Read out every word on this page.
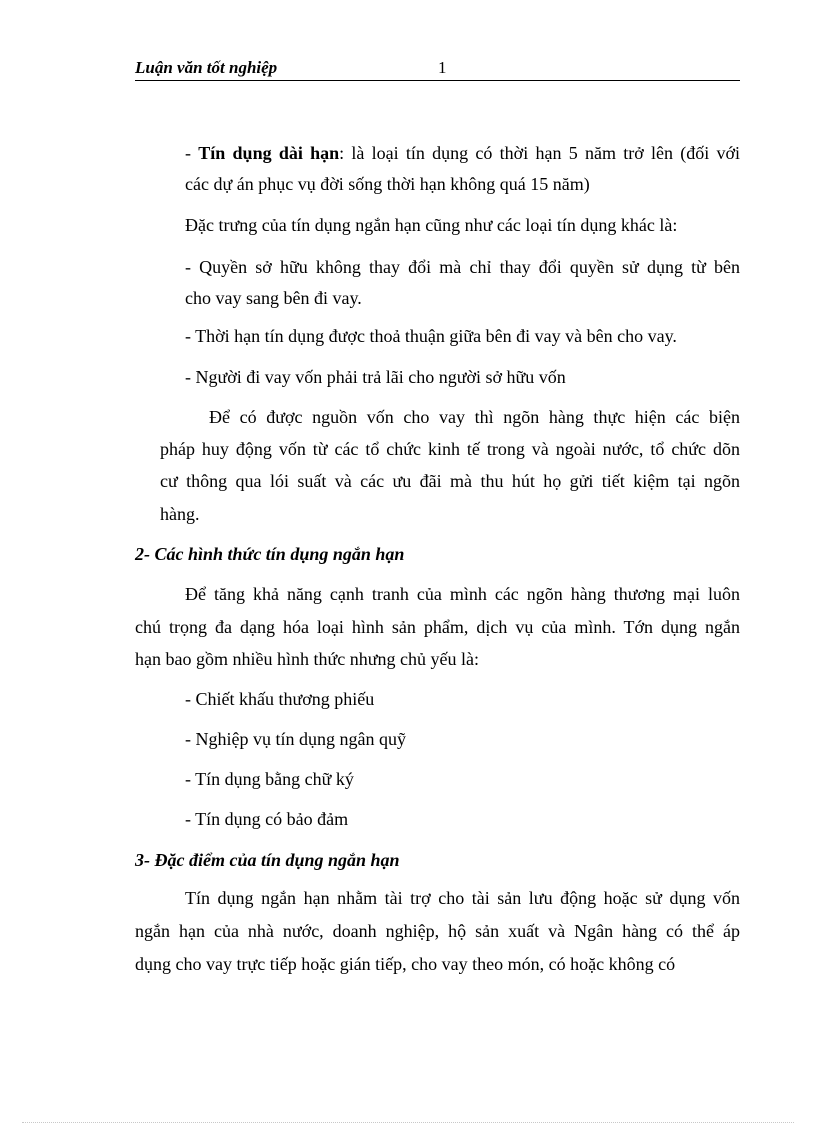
Luận văn tốt nghiệp	1
- Tín dụng dài hạn: là loại tín dụng có thời hạn 5 năm trở lên (đối với
các dự án phục vụ đời sống thời hạn không quá 15 năm)
Đặc trưng của tín dụng ngắn hạn cũng như các loại tín dụng khác là:
- Quyền sở hữu không thay đổi mà chỉ thay đổi quyền sử dụng từ bên
cho vay sang bên đi vay.
- Thời hạn tín dụng được thoả thuận giữa bên đi vay và bên cho vay.
- Người đi vay vốn phải trả lãi cho người sở hữu vốn
Để có được nguồn vốn cho vay thì ngõn hàng thực hiện các biện
pháp huy động vốn từ các tổ chức kinh tế trong và ngoài nước, tổ chức dõn
cư thông qua lói suất và các ưu đãi mà thu hút họ gửi tiết kiệm tại ngõn
hàng.
2- Các hình thức tín dụng ngắn hạn
Để tăng khả năng cạnh tranh của mình các ngõn hàng thương mại luôn
chú trọng đa dạng hóa loại hình sản phẩm, dịch vụ của mình. Tớn dụng ngắn
hạn bao gồm nhiều hình thức nhưng chủ yếu là:
- Chiết khấu thương phiếu
- Nghiệp vụ tín dụng ngân quỹ
- Tín dụng bằng chữ ký
- Tín dụng có bảo đảm
3- Đặc điểm của tín dụng ngắn hạn
Tín dụng ngắn hạn nhằm tài trợ cho tài sản lưu động hoặc sử dụng vốn
ngắn hạn của nhà nước, doanh nghiệp, hộ sản xuất và Ngân hàng có thể áp
dụng cho vay trực tiếp hoặc gián tiếp, cho vay theo món, có hoặc không có
